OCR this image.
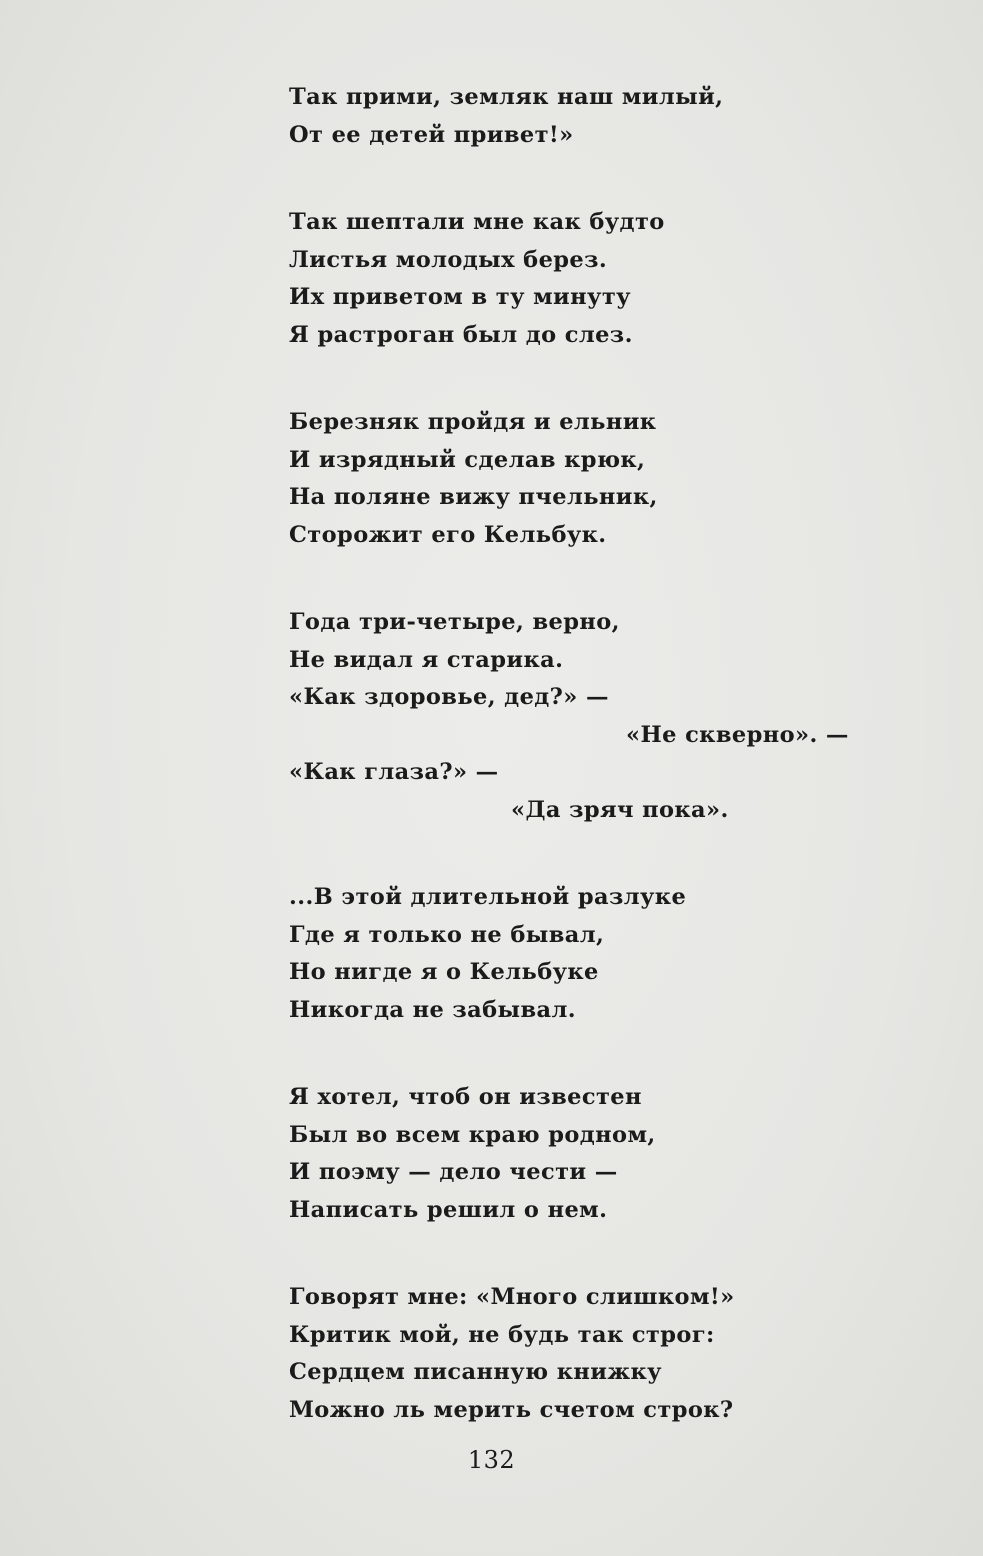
Так прими, земляк наш милый,
От ее детей привет!»
Так шептали мне как будто
Листья молодых берез.
Их приветом в ту минуту
Я растроган был до слез.
Березняк пройдя и ельник
И изрядный сделав крюк,
На поляне вижу пчельник,
Сторожит его Кельбук.
Года три-четыре, верно,
Не видал я старика.
«Как здоровье, дед?» —
«Не скверно». —
«Как глаза?» —
«Да зряч пока».
...В этой длительной разлуке
Где я только не бывал,
Но нигде я о Кельбуке
Никогда не забывал.
Я хотел, чтоб он известен
Был во всем краю родном,
И поэму — дело чести —
Написать решил о нем.
Говорят мне: «Много слишком!»
Критик мой, не будь так строг:
Сердцем писанную книжку
Можно ль мерить счетом строк?
132
